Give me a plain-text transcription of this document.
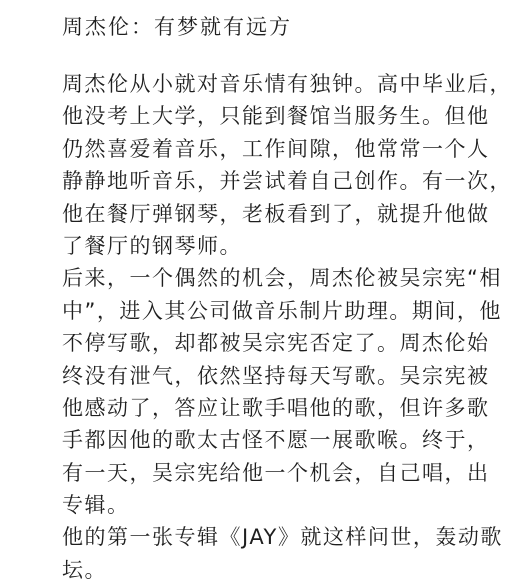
周杰伦：有梦就有远方
周杰伦从小就对音乐情有独钟。高中毕业后，
他没考上大学，只能到餐馆当服务生。但他
仍然喜爱着音乐，工作间隙，他常常一个人
静静地听音乐，并尝试着自己创作。有一次，
他在餐厅弹钢琴，老板看到了，就提升他做
了餐厅的钢琴师。
后来，一个偶然的机会，周杰伦被吴宗宪“相
中”，进入其公司做音乐制片助理。期间，他
不停写歌，却都被吴宗宪否定了。周杰伦始
终没有泄气，依然坚持每天写歌。吴宗宪被
他感动了，答应让歌手唱他的歌，但许多歌
手都因他的歌太古怪不愿一展歌喉。终于，
有一天，吴宗宪给他一个机会，自己唱，出
专辑。
他的第一张专辑《JAY》就这样问世，轰动歌
坛。
